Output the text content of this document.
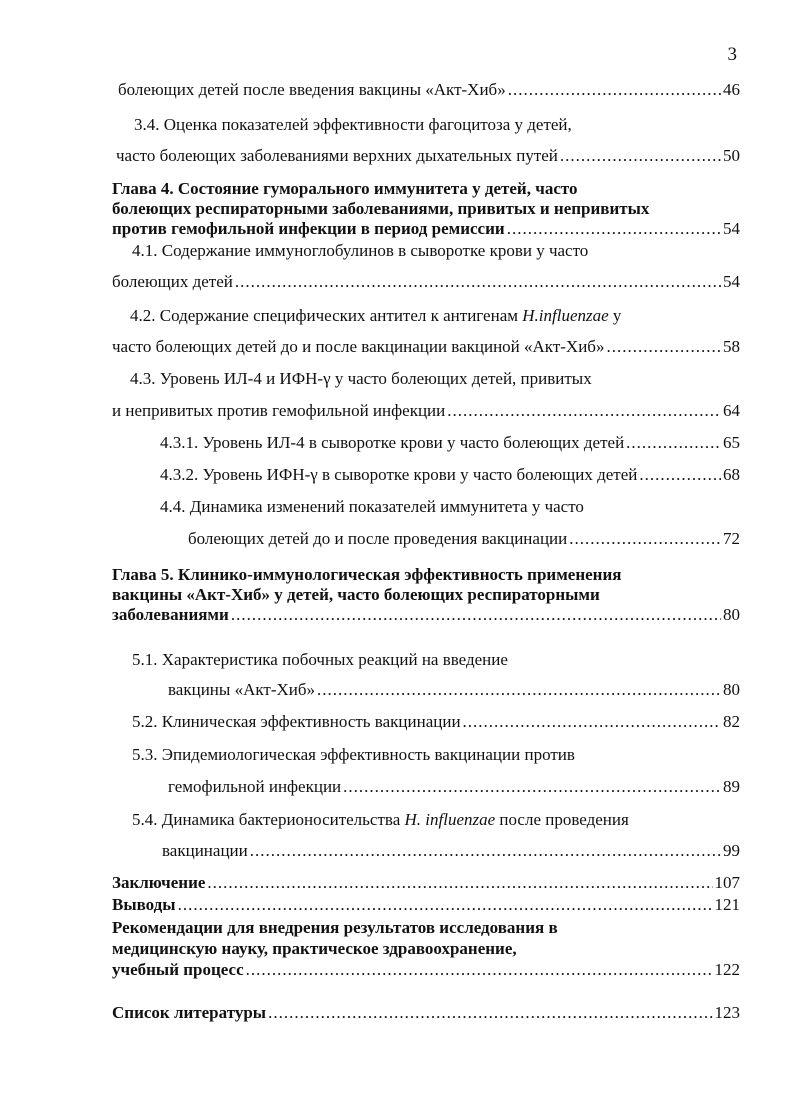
3
болеющих детей после введения вакцины «Акт-Хиб» .....	46
3.4. Оценка показателей эффективности фагоцитоза у детей,
часто болеющих заболеваниями верхних дыхательных путей .....	50
Глава 4. Состояние гуморального иммунитета у детей, часто
болеющих респираторными заболеваниями, привитых и непривитых
против гемофильной инфекции в период ремиссии .....	54
4.1. Содержание иммуноглобулинов в сыворотке крови у часто
болеющих детей .....	54
4.2. Содержание специфических антител к антигенам H.influenzae у
часто болеющих детей до и после вакцинации вакциной «Акт-Хиб» .....	58
4.3. Уровень ИЛ-4 и ИФН-γ у часто болеющих детей, привитых
и непривитых против гемофильной инфекции .....	64
4.3.1. Уровень ИЛ-4 в сыворотке крови у часто болеющих детей .....	65
4.3.2. Уровень ИФН-γ в сыворотке крови у часто болеющих детей .....	68
4.4. Динамика изменений показателей иммунитета у часто
болеющих детей до и после проведения вакцинации .....	72
Глава 5. Клинико-иммунологическая эффективность применения
вакцины «Акт-Хиб» у детей, часто болеющих респираторными
заболеваниями .....	80
5.1. Характеристика побочных реакций на введение
вакцины «Акт-Хиб» .....	80
5.2. Клиническая эффективность вакцинации .....	82
5.3. Эпидемиологическая эффективность вакцинации против
гемофильной инфекции .....	89
5.4. Динамика бактерионосительства H. influenzae после проведения
вакцинации .....	99
Заключение .....	107
Выводы .....	121
Рекомендации для внедрения результатов исследования в
медицинскую науку, практическое здравоохранение,
учебный процесс .....	122
Список литературы .....	123
